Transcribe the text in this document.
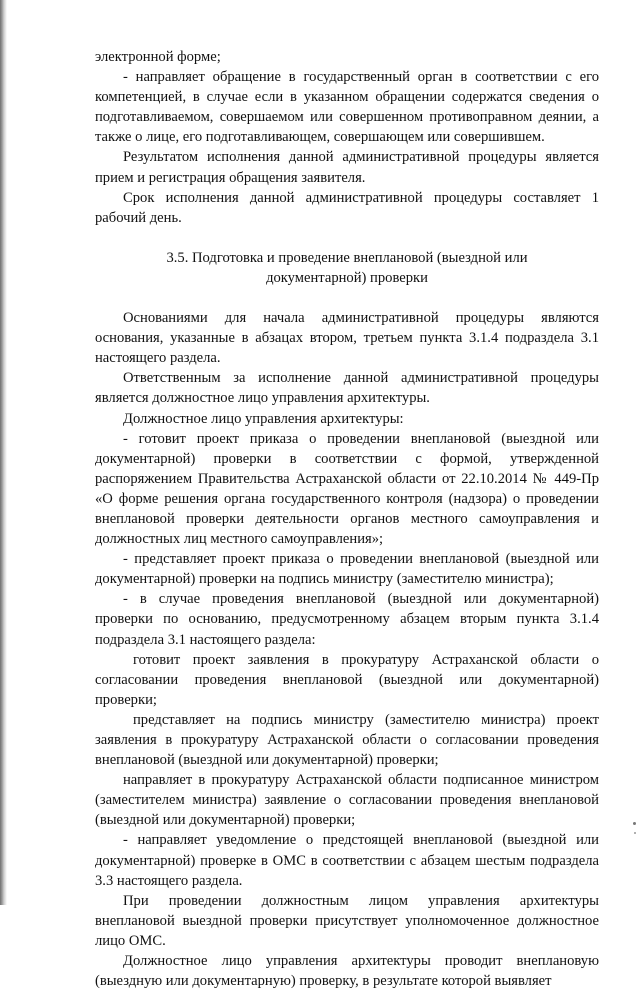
электронной форме;

- направляет обращение в государственный орган в соответствии с его компетенцией, в случае если в указанном обращении содержатся сведения о подготавливаемом, совершаемом или совершенном противоправном деянии, а также о лице, его подготавливающем, совершающем или совершившем.

Результатом исполнения данной административной процедуры является прием и регистрация обращения заявителя.

Срок исполнения данной административной процедуры составляет 1 рабочий день.

3.5. Подготовка и проведение внеплановой (выездной или документарной) проверки

Основаниями для начала административной процедуры являются основания, указанные в абзацах втором, третьем пункта 3.1.4 подраздела 3.1 настоящего раздела.

Ответственным за исполнение данной административной процедуры является должностное лицо управления архитектуры.

Должностное лицо управления архитектуры:

- готовит проект приказа о проведении внеплановой (выездной или документарной) проверки в соответствии с формой, утвержденной распоряжением Правительства Астраханской области от 22.10.2014 № 449-Пр «О форме решения органа государственного контроля (надзора) о проведении внеплановой проверки деятельности органов местного самоуправления и должностных лиц местного самоуправления»;

- представляет проект приказа о проведении внеплановой (выездной или документарной) проверки на подпись министру (заместителю министра);

- в случае проведения внеплановой (выездной или документарной) проверки по основанию, предусмотренному абзацем вторым пункта 3.1.4 подраздела 3.1 настоящего раздела:

готовит проект заявления в прокуратуру Астраханской области о согласовании проведения внеплановой (выездной или документарной) проверки;

представляет на подпись министру (заместителю министра) проект заявления в прокуратуру Астраханской области о согласовании проведения внеплановой (выездной или документарной) проверки;

направляет в прокуратуру Астраханской области подписанное министром (заместителем министра) заявление о согласовании проведения внеплановой (выездной или документарной) проверки;

- направляет уведомление о предстоящей внеплановой (выездной или документарной) проверке в ОМС в соответствии с абзацем шестым подраздела 3.3 настоящего раздела.

При проведении должностным лицом управления архитектуры внеплановой выездной проверки присутствует уполномоченное должностное лицо ОМС.

Должностное лицо управления архитектуры проводит внеплановую (выездную или документарную) проверку, в результате которой выявляет
